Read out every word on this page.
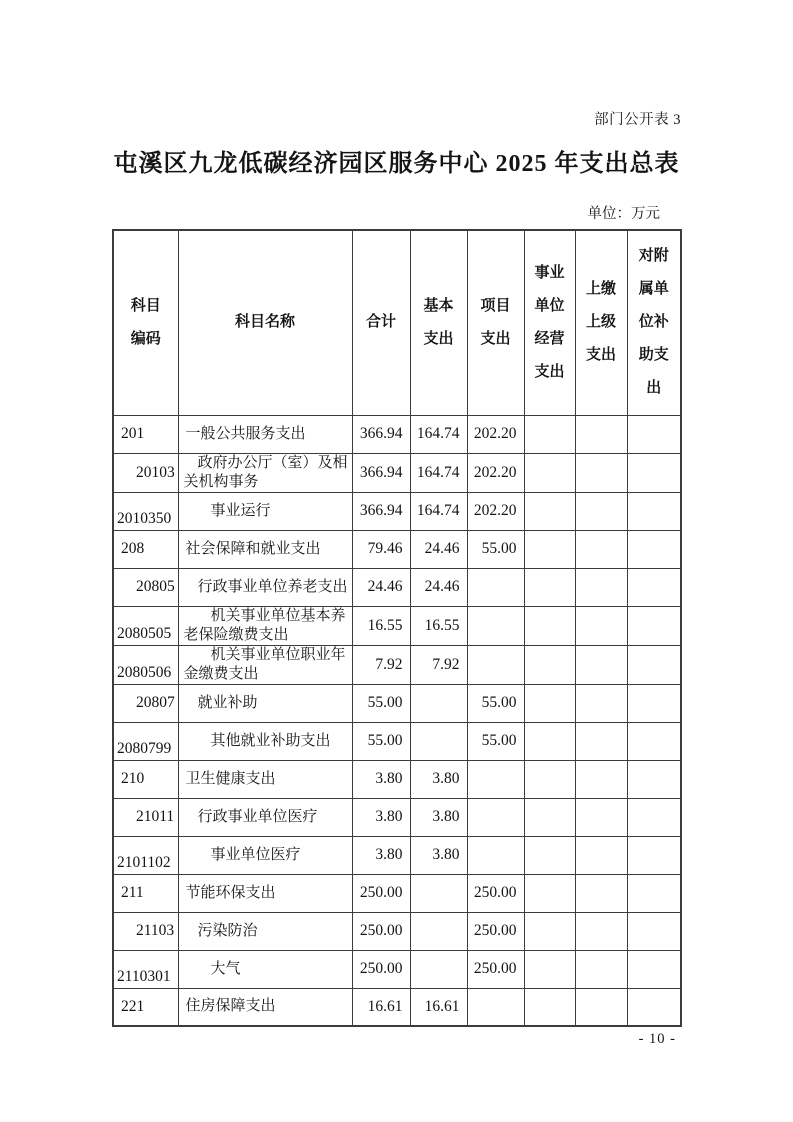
部门公开表 3
屯溪区九龙低碳经济园区服务中心 2025 年支出总表
单位：万元
科目编码	科目名称	合计	基本支出	项目支出	事业单位经营支出	上缴上级支出	对附属单位补助支出
201	一般公共服务支出	366.94	164.74	202.20			
20103	政府办公厅（室）及相关机构事务	366.94	164.74	202.20			
2010350	事业运行	366.94	164.74	202.20			
208	社会保障和就业支出	79.46	24.46	55.00			
20805	行政事业单位养老支出	24.46	24.46				
2080505	机关事业单位基本养老保险缴费支出	16.55	16.55				
2080506	机关事业单位职业年金缴费支出	7.92	7.92				
20807	就业补助	55.00		55.00			
2080799	其他就业补助支出	55.00		55.00			
210	卫生健康支出	3.80	3.80				
21011	行政事业单位医疗	3.80	3.80				
2101102	事业单位医疗	3.80	3.80				
211	节能环保支出	250.00		250.00			
21103	污染防治	250.00		250.00			
2110301	大气	250.00		250.00			
221	住房保障支出	16.61	16.61				
- 10 -
